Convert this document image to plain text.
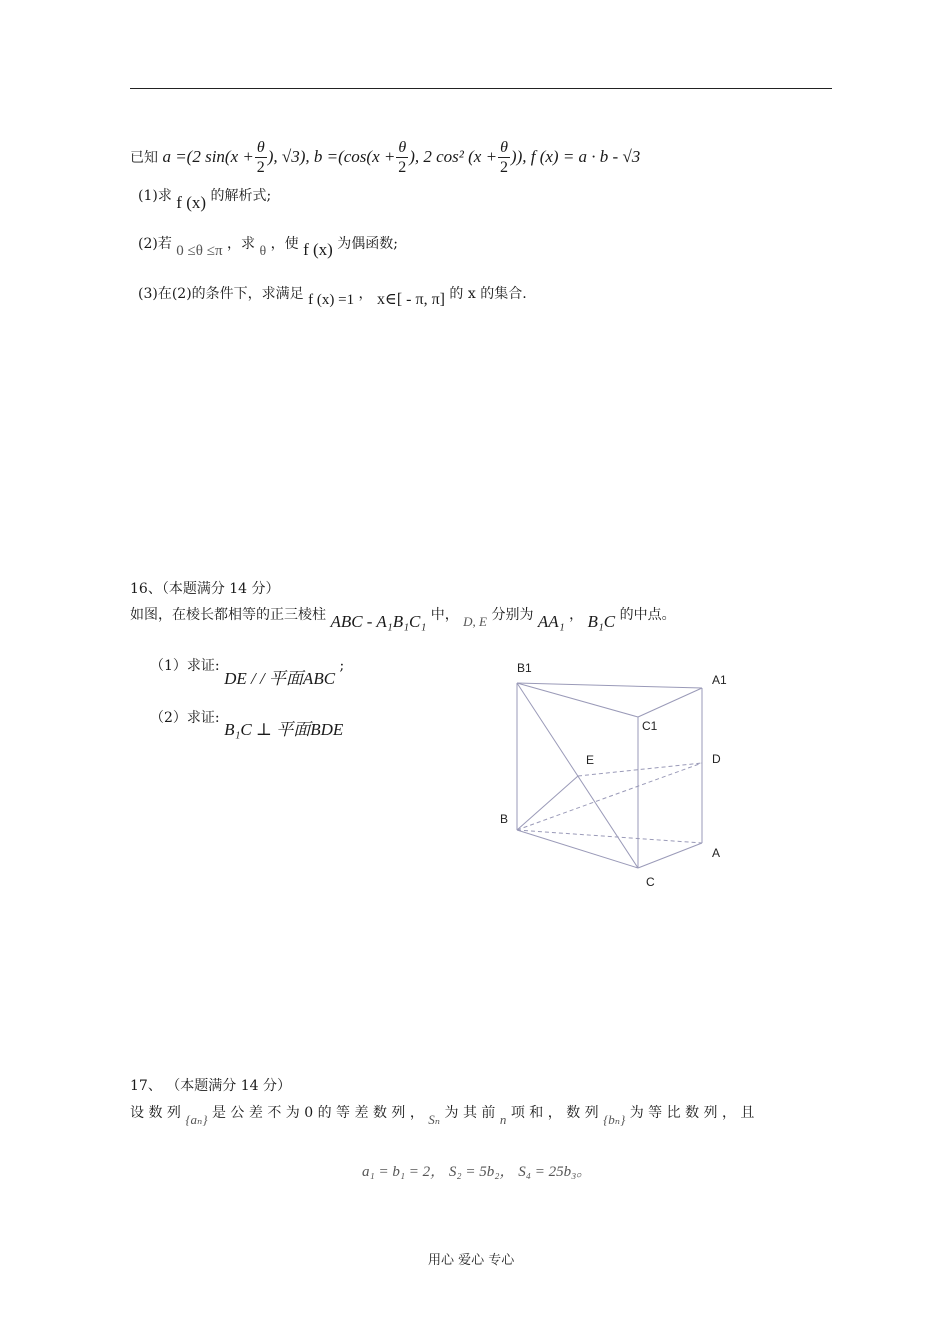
已知 a =(2 $\sin(x + \frac{\theta}{2}$ ), √3), $b =(\cos(x + \frac{\theta}{2}$ ), 2 cos² ($x + \frac{\theta}{2}$ )), f (x) = a · b - √3
(1)求 f (x) 的解析式;
(2)若 0 ≤θ ≤π ，求 θ ，使 f (x) 为偶函数;
(3)在(2)的条件下，求满足 f (x) =1 ， x∈[ - π, π] 的 x 的集合.
16、（本题满分 14 分）
如图，在棱长都相等的正三棱柱 ABC - A₁B₁C₁ 中， D, E 分别为 AA₁ ， B₁C 的中点。
（1）求证: DE / / 平面ABC ;
（2）求证: B₁C ⊥ 平面BDE
B1
A1
C1
E	D
B
A
C
17、 （本题满分 14 分）
设 数 列 {aₙ} 是 公 差 不 为 0 的 等 差 数 列 ， Sₙ 为 其 前 n 项 和 ， 数 列 {bₙ} 为 等 比 数 列 ， 且
a₁ = b₁ = 2， S₂ = 5b₂， S₄ = 25b₃。
用心 爱心 专心
